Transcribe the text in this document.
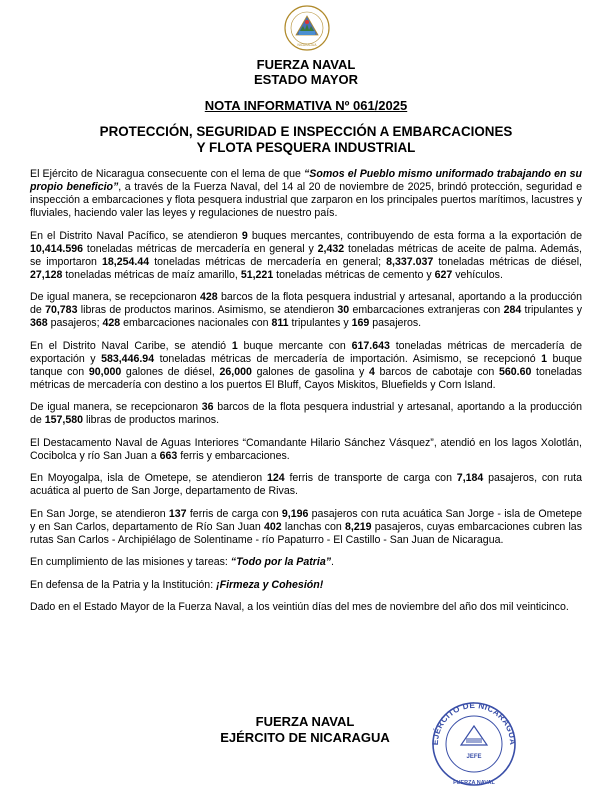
NICARAGUA
FUERZA NAVAL
ESTADO MAYOR
NOTA INFORMATIVA Nº 061/2025
PROTECCIÓN, SEGURIDAD E INSPECCIÓN A EMBARCACIONES
Y FLOTA PESQUERA INDUSTRIAL

El Ejército de Nicaragua consecuente con el lema de que “Somos el Pueblo mismo uniformado trabajando en su propio beneficio”, a través de la Fuerza Naval, del 14 al 20 de noviembre de 2025, brindó protección, seguridad e inspección a embarcaciones y flota pesquera industrial que zarparon en los principales puertos marítimos, lacustres y fluviales, haciendo valer las leyes y regulaciones de nuestro país.

En el Distrito Naval Pacífico, se atendieron 9 buques mercantes, contribuyendo de esta forma a la exportación de 10,414.596 toneladas métricas de mercadería en general y 2,432 toneladas métricas de aceite de palma. Además, se importaron 18,254.44 toneladas métricas de mercadería en general; 8,337.037 toneladas métricas de diésel, 27,128 toneladas métricas de maíz amarillo, 51,221 toneladas métricas de cemento y 627 vehículos.

De igual manera, se recepcionaron 428 barcos de la flota pesquera industrial y artesanal, aportando a la producción de 70,783 libras de productos marinos. Asimismo, se atendieron 30 embarcaciones extranjeras con 284 tripulantes y 368 pasajeros; 428 embarcaciones nacionales con 811 tripulantes y 169 pasajeros.

En el Distrito Naval Caribe, se atendió 1 buque mercante con 617.643 toneladas métricas de mercadería de exportación y 583,446.94 toneladas métricas de mercadería de importación. Asimismo, se recepcionó 1 buque tanque con 90,000 galones de diésel, 26,000 galones de gasolina y 4 barcos de cabotaje con 560.60 toneladas métricas de mercadería con destino a los puertos El Bluff, Cayos Miskitos, Bluefields y Corn Island.

De igual manera, se recepcionaron 36 barcos de la flota pesquera industrial y artesanal, aportando a la producción de 157,580 libras de productos marinos.

El Destacamento Naval de Aguas Interiores “Comandante Hilario Sánchez Vásquez”, atendió en los lagos Xolotlán, Cocibolca y río San Juan a 663 ferris y embarcaciones.

En Moyogalpa, isla de Ometepe, se atendieron 124 ferris de transporte de carga con 7,184 pasajeros, con ruta acuática al puerto de San Jorge, departamento de Rivas.

En San Jorge, se atendieron 137 ferris de carga con 9,196 pasajeros con ruta acuática San Jorge - isla de Ometepe y en San Carlos, departamento de Río San Juan 402 lanchas con 8,219 pasajeros, cuyas embarcaciones cubren las rutas San Carlos - Archipiélago de Solentiname - río Papaturro - El Castillo - San Juan de Nicaragua.

En cumplimiento de las misiones y tareas: “Todo por la Patria”.

En defensa de la Patria y la Institución: ¡Firmeza y Cohesión!

Dado en el Estado Mayor de la Fuerza Naval, a los veintiún días del mes de noviembre del año dos mil veinticinco.

FUERZA NAVAL
EJÉRCITO DE NICARAGUA	EJÉRCITO DE NICARAGUA
JEFE
FUERZA NAVAL
